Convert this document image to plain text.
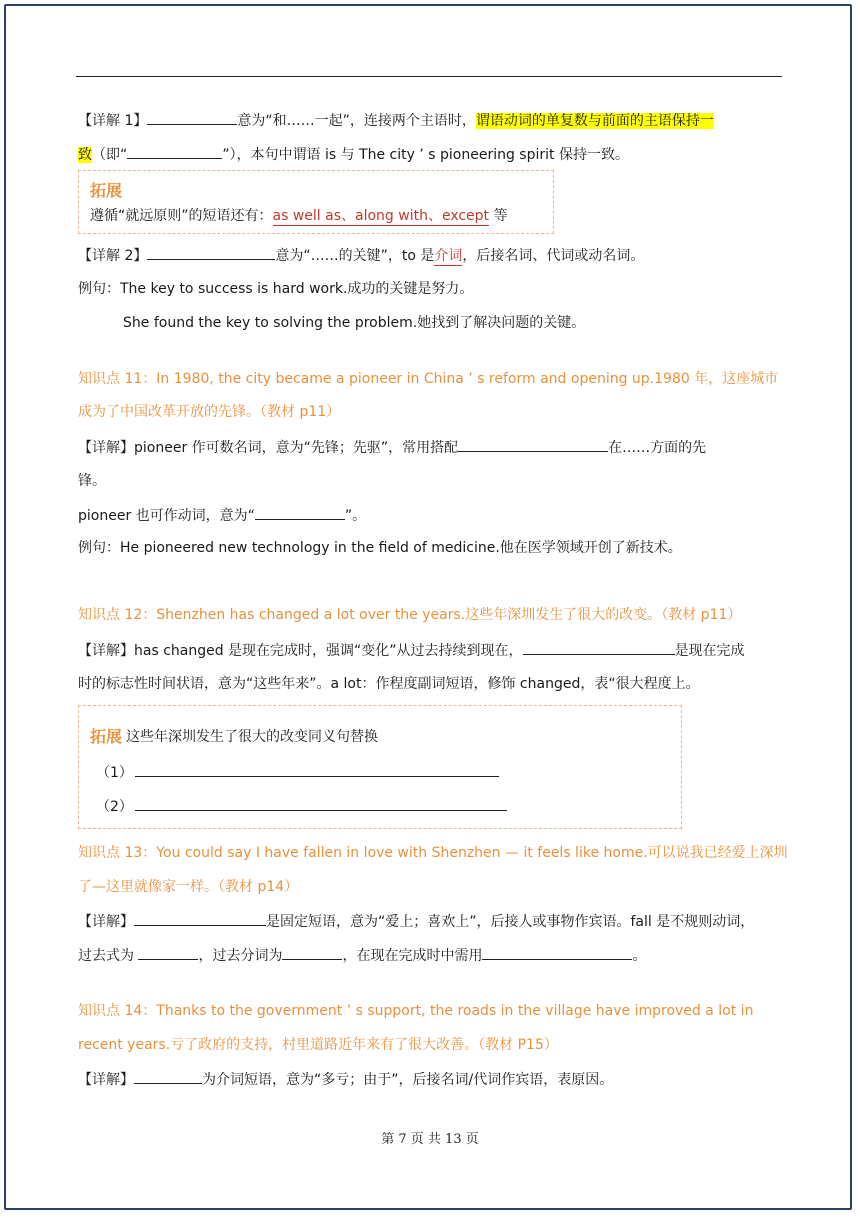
【详解 1】	意为“和……一起”，连接两个主语时，谓语动词的单复数与前面的主语保持一
致（即“	”），本句中谓语 is 与 The city ’ s pioneering spirit 保持一致。
拓展
遵循“就远原则”的短语还有：as well as、along with、except 等
【详解 2】	意为“……的关键”，to 是介词，后接名词、代词或动名词。
例句：The key to success is hard work.成功的关键是努力。
She found the key to solving the problem.她找到了解决问题的关键。
知识点 11：In 1980, the city became a pioneer in China ’ s reform and opening up.1980 年，这座城市
成为了中国改革开放的先锋。（教材 p11）
【详解】pioneer 作可数名词，意为“先锋；先驱”，常用搭配	在……方面的先
锋。
pioneer 也可作动词，意为“	”。
例句：He pioneered new technology in the field of medicine.他在医学领域开创了新技术。
知识点 12：Shenzhen has changed a lot over the years.这些年深圳发生了很大的改变。（教材 p11）
【详解】has changed 是现在完成时，强调“变化”从过去持续到现在，	是现在完成
时的标志性时间状语，意为“这些年来”。a lot：作程度副词短语，修饰 changed，表“很大程度上。
拓展 这些年深圳发生了很大的改变同义句替换
（1）
（2）
知识点 13：You could say I have fallen in love with Shenzhen — it feels like home.可以说我已经爱上深圳
了—这里就像家一样。（教材 p14）
【详解】	是固定短语，意为“爱上；喜欢上”，后接人或事物作宾语。fall 是不规则动词，
过去式为	，过去分词为	，在现在完成时中需用	。
知识点 14：Thanks to the government ’ s support, the roads in the village have improved a lot in
recent years.亏了政府的支持，村里道路近年来有了很大改善。（教材 P15）
【详解】	为介词短语，意为“多亏；由于”，后接名词/代词作宾语，表原因。
第 7 页 共 13 页
